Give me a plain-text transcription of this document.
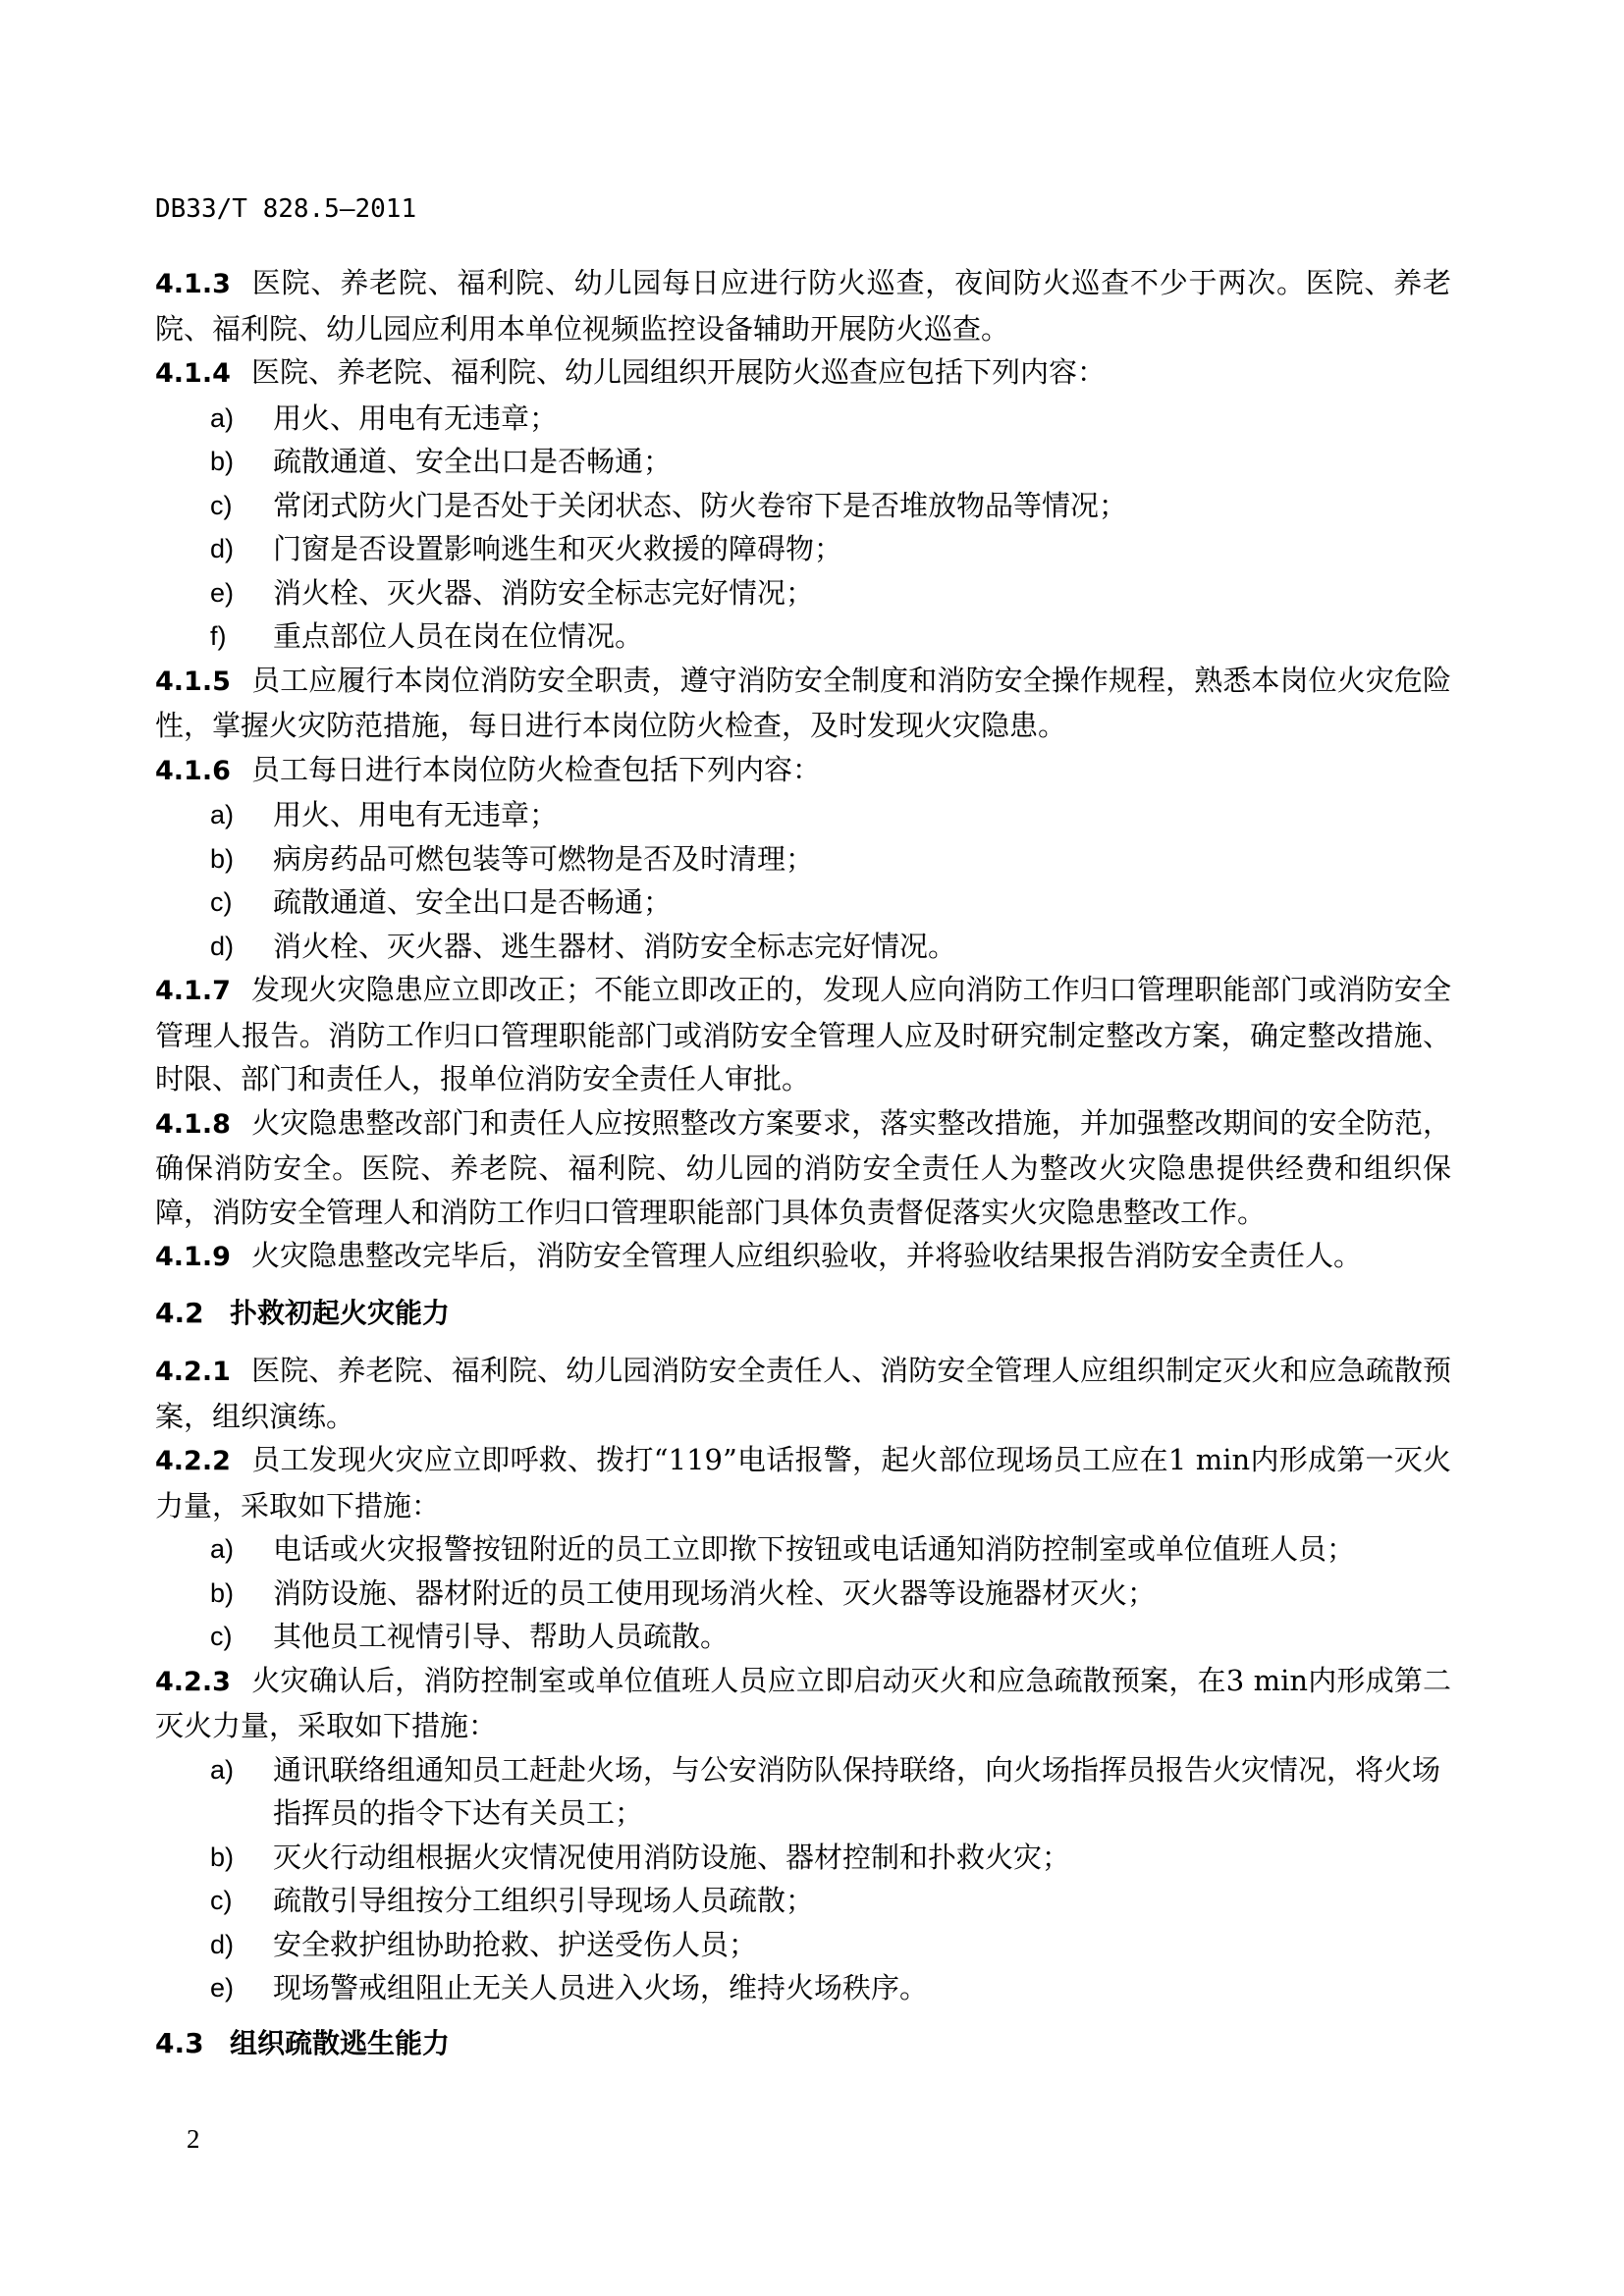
DB33/T 828.5—2011

4.1.3 医院、养老院、福利院、幼儿园每日应进行防火巡查，夜间防火巡查不少于两次。医院、养老院、福利院、幼儿园应利用本单位视频监控设备辅助开展防火巡查。

4.1.4 医院、养老院、福利院、幼儿园组织开展防火巡查应包括下列内容：

a) 用火、用电有无违章；
b) 疏散通道、安全出口是否畅通；
c) 常闭式防火门是否处于关闭状态、防火卷帘下是否堆放物品等情况；
d) 门窗是否设置影响逃生和灭火救援的障碍物；
e) 消火栓、灭火器、消防安全标志完好情况；
f) 重点部位人员在岗在位情况。

4.1.5 员工应履行本岗位消防安全职责，遵守消防安全制度和消防安全操作规程，熟悉本岗位火灾危险性，掌握火灾防范措施，每日进行本岗位防火检查，及时发现火灾隐患。

4.1.6 员工每日进行本岗位防火检查包括下列内容：

a) 用火、用电有无违章；
b) 病房药品可燃包装等可燃物是否及时清理；
c) 疏散通道、安全出口是否畅通；
d) 消火栓、灭火器、逃生器材、消防安全标志完好情况。

4.1.7 发现火灾隐患应立即改正；不能立即改正的，发现人应向消防工作归口管理职能部门或消防安全管理人报告。消防工作归口管理职能部门或消防安全管理人应及时研究制定整改方案，确定整改措施、时限、部门和责任人，报单位消防安全责任人审批。

4.1.8 火灾隐患整改部门和责任人应按照整改方案要求，落实整改措施，并加强整改期间的安全防范，确保消防安全。医院、养老院、福利院、幼儿园的消防安全责任人为整改火灾隐患提供经费和组织保障，消防安全管理人和消防工作归口管理职能部门具体负责督促落实火灾隐患整改工作。

4.1.9 火灾隐患整改完毕后，消防安全管理人应组织验收，并将验收结果报告消防安全责任人。

4.2 扑救初起火灾能力

4.2.1 医院、养老院、福利院、幼儿园消防安全责任人、消防安全管理人应组织制定灭火和应急疏散预案，组织演练。

4.2.2 员工发现火灾应立即呼救、拨打“119”电话报警，起火部位现场员工应在1 min内形成第一灭火力量，采取如下措施：

a) 电话或火灾报警按钮附近的员工立即揿下按钮或电话通知消防控制室或单位值班人员；
b) 消防设施、器材附近的员工使用现场消火栓、灭火器等设施器材灭火；
c) 其他员工视情引导、帮助人员疏散。

4.2.3 火灾确认后，消防控制室或单位值班人员应立即启动灭火和应急疏散预案，在3 min内形成第二灭火力量，采取如下措施：

a) 通讯联络组通知员工赶赴火场，与公安消防队保持联络，向火场指挥员报告火灾情况，将火场指挥员的指令下达有关员工；
b) 灭火行动组根据火灾情况使用消防设施、器材控制和扑救火灾；
c) 疏散引导组按分工组织引导现场人员疏散；
d) 安全救护组协助抢救、护送受伤人员；
e) 现场警戒组阻止无关人员进入火场，维持火场秩序。
4.3 组织疏散逃生能力
2
